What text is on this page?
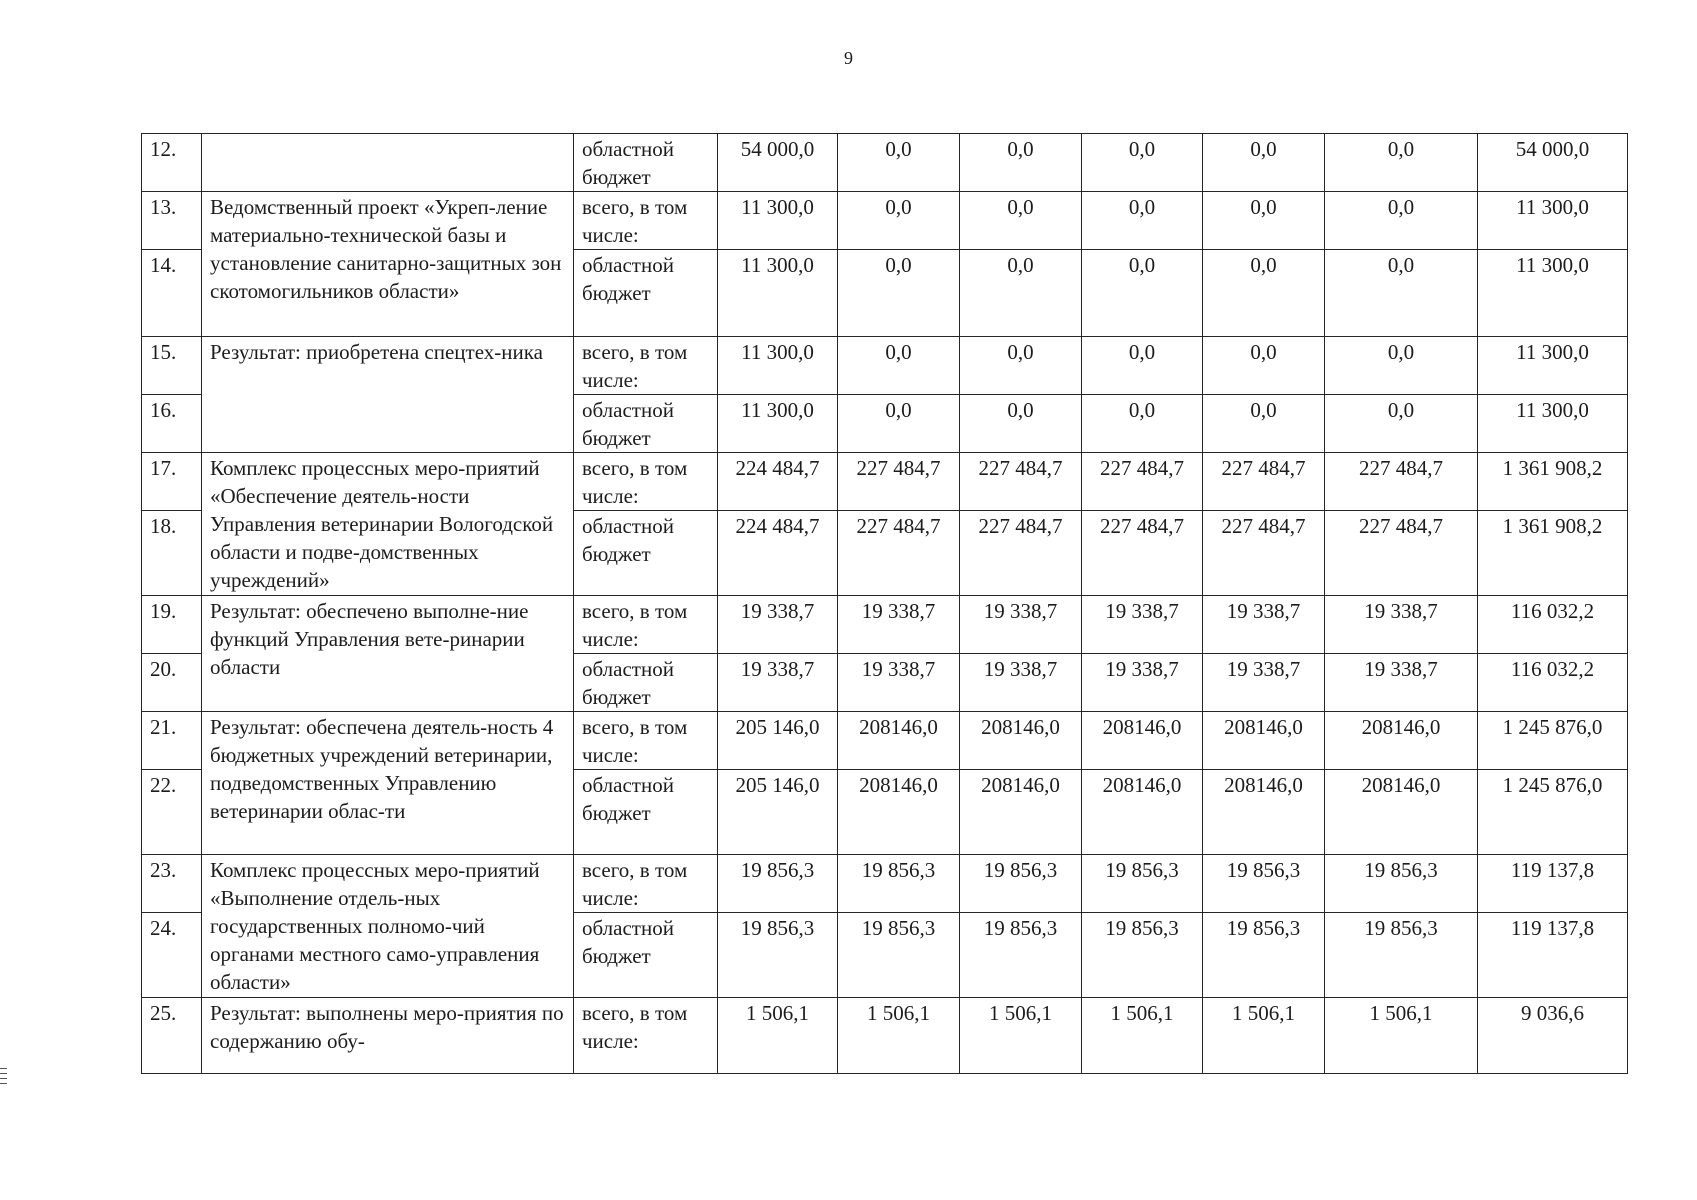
9
12.		областной бюджет	54 000,0	0,0	0,0	0,0	0,0	0,0	54 000,0
13.	Ведомственный проект «Укреп-ление материально-технической базы и установление санитарно-защитных зон скотомогильников области»	всего, в том числе:	11 300,0	0,0	0,0	0,0	0,0	0,0	11 300,0
14.		областной бюджет	11 300,0	0,0	0,0	0,0	0,0	0,0	11 300,0
15.	Результат: приобретена спецтех-ника	всего, в том числе:	11 300,0	0,0	0,0	0,0	0,0	0,0	11 300,0
16.		областной бюджет	11 300,0	0,0	0,0	0,0	0,0	0,0	11 300,0
17.	Комплекс процессных меро-приятий «Обеспечение деятель-ности Управления ветеринарии Вологодской области и подве-домственных учреждений»	всего, в том числе:	224 484,7	227 484,7	227 484,7	227 484,7	227 484,7	227 484,7	1 361 908,2
18.		областной бюджет	224 484,7	227 484,7	227 484,7	227 484,7	227 484,7	227 484,7	1 361 908,2
19.	Результат: обеспечено выполне-ние функций Управления вете-ринарии области	всего, в том числе:	19 338,7	19 338,7	19 338,7	19 338,7	19 338,7	19 338,7	116 032,2
20.		областной бюджет	19 338,7	19 338,7	19 338,7	19 338,7	19 338,7	19 338,7	116 032,2
21.	Результат: обеспечена деятель-ность 4 бюджетных учреждений ветеринарии, подведомственных Управлению ветеринарии облас-ти	всего, в том числе:	205 146,0	208146,0	208146,0	208146,0	208146,0	208146,0	1 245 876,0
22.		областной бюджет	205 146,0	208146,0	208146,0	208146,0	208146,0	208146,0	1 245 876,0
23.	Комплекс процессных меро-приятий «Выполнение отдель-ных государственных полномо-чий органами местного само-управления области»	всего, в том числе:	19 856,3	19 856,3	19 856,3	19 856,3	19 856,3	19 856,3	119 137,8
24.		областной бюджет	19 856,3	19 856,3	19 856,3	19 856,3	19 856,3	19 856,3	119 137,8
25.	Результат: выполнены меро-приятия по содержанию обу-	всего, в том числе:	1 506,1	1 506,1	1 506,1	1 506,1	1 506,1	1 506,1	9 036,6
